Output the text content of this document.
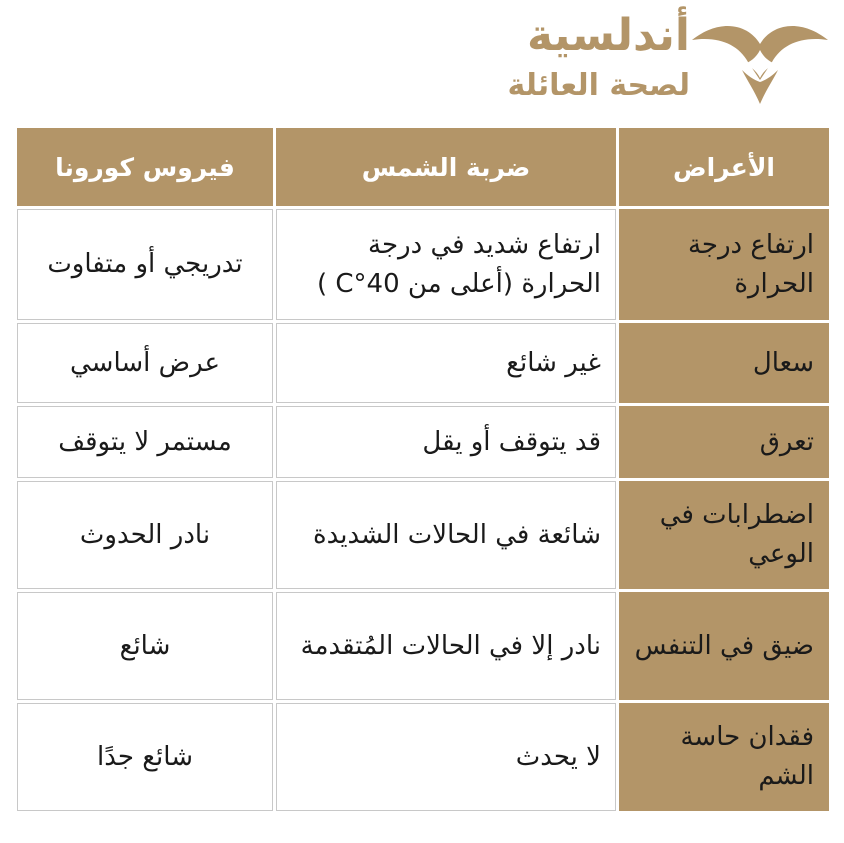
أندلسية
لصحة العائلة
الأعراض	ضربة الشمس	فيروس كورونا
ارتفاع درجة الحرارة	ارتفاع شديد في درجة الحرارة (أعلى من 40°C )	تدريجي أو متفاوت
سعال	غير شائع	عرض أساسي
تعرق	قد يتوقف أو يقل	مستمر لا يتوقف
اضطرابات في الوعي	شائعة في الحالات الشديدة	نادر الحدوث
ضيق في التنفس	نادر إلا في الحالات المُتقدمة	شائع
فقدان حاسة الشم	لا يحدث	شائع جدًا
